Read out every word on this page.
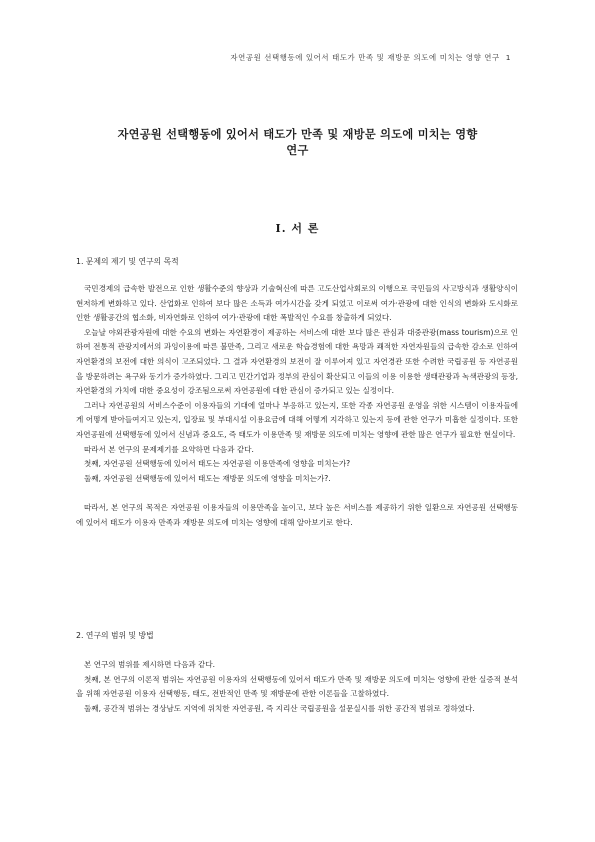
자연공원 선택행동에 있어서 태도가 만족 및 재방문 의도에 미치는 영향 연구 1
자연공원 선택행동에 있어서 태도가 만족 및 재방문 의도에 미치는 영향
연구
Ⅰ. 서 론
1. 문제의 제기 및 연구의 목적

국민경제의 급속한 발전으로 인한 생활수준의 향상과 기술혁신에 따른 고도산업사회로의 이행으로 국민들의 사고방식과 생활양식이 현저하게 변화하고 있다. 산업화로 인하여 보다 많은 소득과 여가시간을 갖게 되었고 이로써 여가·관광에 대한 인식의 변화와 도시화로 인한 생활공간의 협소화, 비자연화로 인하여 여가·관광에 대한 폭발적인 수요를 창출하게 되었다.

오늘날 야외관광자원에 대한 수요의 변화는 자연환경이 제공하는 서비스에 대한 보다 많은 관심과 대중관광(mass tourism)으로 인하여 전통적 관광지에서의 과잉이용에 따른 불만족, 그리고 새로운 학습경험에 대한 욕망과 쾌적한 자연자원들의 급속한 감소로 인하여 자연환경의 보전에 대한 의식이 고조되었다. 그 결과 자연환경의 보전이 잘 이루어져 있고 자연경관 또한 수려한 국립공원 등 자연공원을 방문하려는 욕구와 동기가 증가하였다. 그리고 민간기업과 정부의 관심이 확산되고 이들의 이용 이용한 생태관광과 녹색관광의 등장, 자연환경의 가치에 대한 중요성이 강조됨으로써 자연공원에 대한 관심이 증가되고 있는 실정이다.

그러나 자연공원의 서비스수준이 이용자들의 기대에 얼마나 부응하고 있는지, 또한 각종 자연공원 운영을 위한 시스템이 이용자들에게 어떻게 받아들여지고 있는지, 입장료 및 부대시설 이용요금에 대해 어떻게 지각하고 있는지 등에 관한 연구가 미흡한 실정이다. 또한 자연공원에 선택행동에 있어서 신념과 중요도, 즉 태도가 이용만족 및 재방문 의도에 미치는 영향에 관한 많은 연구가 필요한 현실이다.

따라서 본 연구의 문제제기를 요약하면 다음과 같다.

첫째, 자연공원 선택행동에 있어서 태도는 자연공원 이용만족에 영향을 미치는가?

둘째, 자연공원 선택행동에 있어서 태도는 재방문 의도에 영향을 미치는가?.

따라서, 본 연구의 목적은 자연공원 이용자들의 이용만족을 높이고, 보다 높은 서비스를 제공하기 위한 일환으로 자연공원 선택행동에 있어서 태도가 이용자 만족과 재방문 의도에 미치는 영향에 대해 알아보기로 한다.

2. 연구의 범위 및 방법

본 연구의 범위를 제시하면 다음과 같다.

첫째, 본 연구의 이론적 범위는 자연공원 이용자의 선택행동에 있어서 태도가 만족 및 재방문 의도에 미치는 영향에 관한 실증적 분석을 위해 자연공원 이용자 선택행동, 태도, 전반적인 만족 및 재방문에 관한 이론들을 고찰하였다.

둘째, 공간적 범위는 경상남도 지역에 위치한 자연공원, 즉 지리산 국립공원을 설문실시를 위한 공간적 범위로 정하였다.
